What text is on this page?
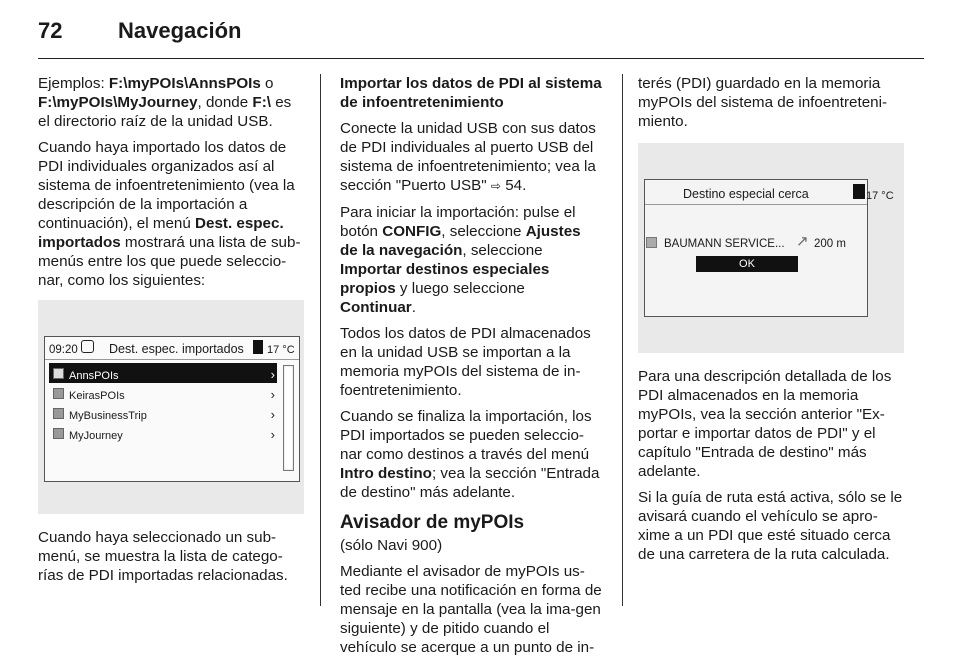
72	Navegación

Ejemplos: F:\myPOIs\AnnsPOIs o F:\myPOIs\MyJourney, donde F:\ es el directorio raíz de la unidad USB.

Cuando haya importado los datos de PDI individuales organizados así al sistema de infoentretenimiento (vea la descripción de la importación a continuación), el menú Dest. espec. importados mostrará una lista de sub-menús entre los que puede seleccio-nar, como los siguientes:

09:20 Dest. espec. importados 17 °C
AnnsPOIs	›
KeirasPOIs	›
MyBusinessTrip	›
MyJourney	›

Cuando haya seleccionado un sub-menú, se muestra la lista de catego-rías de PDI importadas relacionadas.

Importar los datos de PDI al sistema de infoentretenimiento

Conecte la unidad USB con sus datos de PDI individuales al puerto USB del sistema de infoentretenimiento; vea la sección "Puerto USB" ⇨ 54.

Para iniciar la importación: pulse el botón CONFIG, seleccione Ajustes de la navegación, seleccione Importar destinos especiales propios y luego seleccione Continuar.

Todos los datos de PDI almacenados en la unidad USB se importan a la memoria myPOIs del sistema de in-foentretenimiento.

Cuando se finaliza la importación, los PDI importados se pueden seleccio-nar como destinos a través del menú Intro destino; vea la sección "Entrada de destino" más adelante.

Avisador de myPOIs

(sólo Navi 900)

Mediante el avisador de myPOIs us-ted recibe una notificación en forma de mensaje en la pantalla (vea la ima-gen siguiente) y de pitido cuando el vehículo se acerque a un punto de in-

terés (PDI) guardado en la memoria myPOIs del sistema de infoentreteni-miento.

Destino especial cerca	17 °C
BAUMANN SERVICE... ↗ 200 m
OK

Para una descripción detallada de los PDI almacenados en la memoria myPOIs, vea la sección anterior "Ex-portar e importar datos de PDI" y el capítulo "Entrada de destino" más adelante.

Si la guía de ruta está activa, sólo se le avisará cuando el vehículo se apro-xime a un PDI que esté situado cerca de una carretera de la ruta calculada.
